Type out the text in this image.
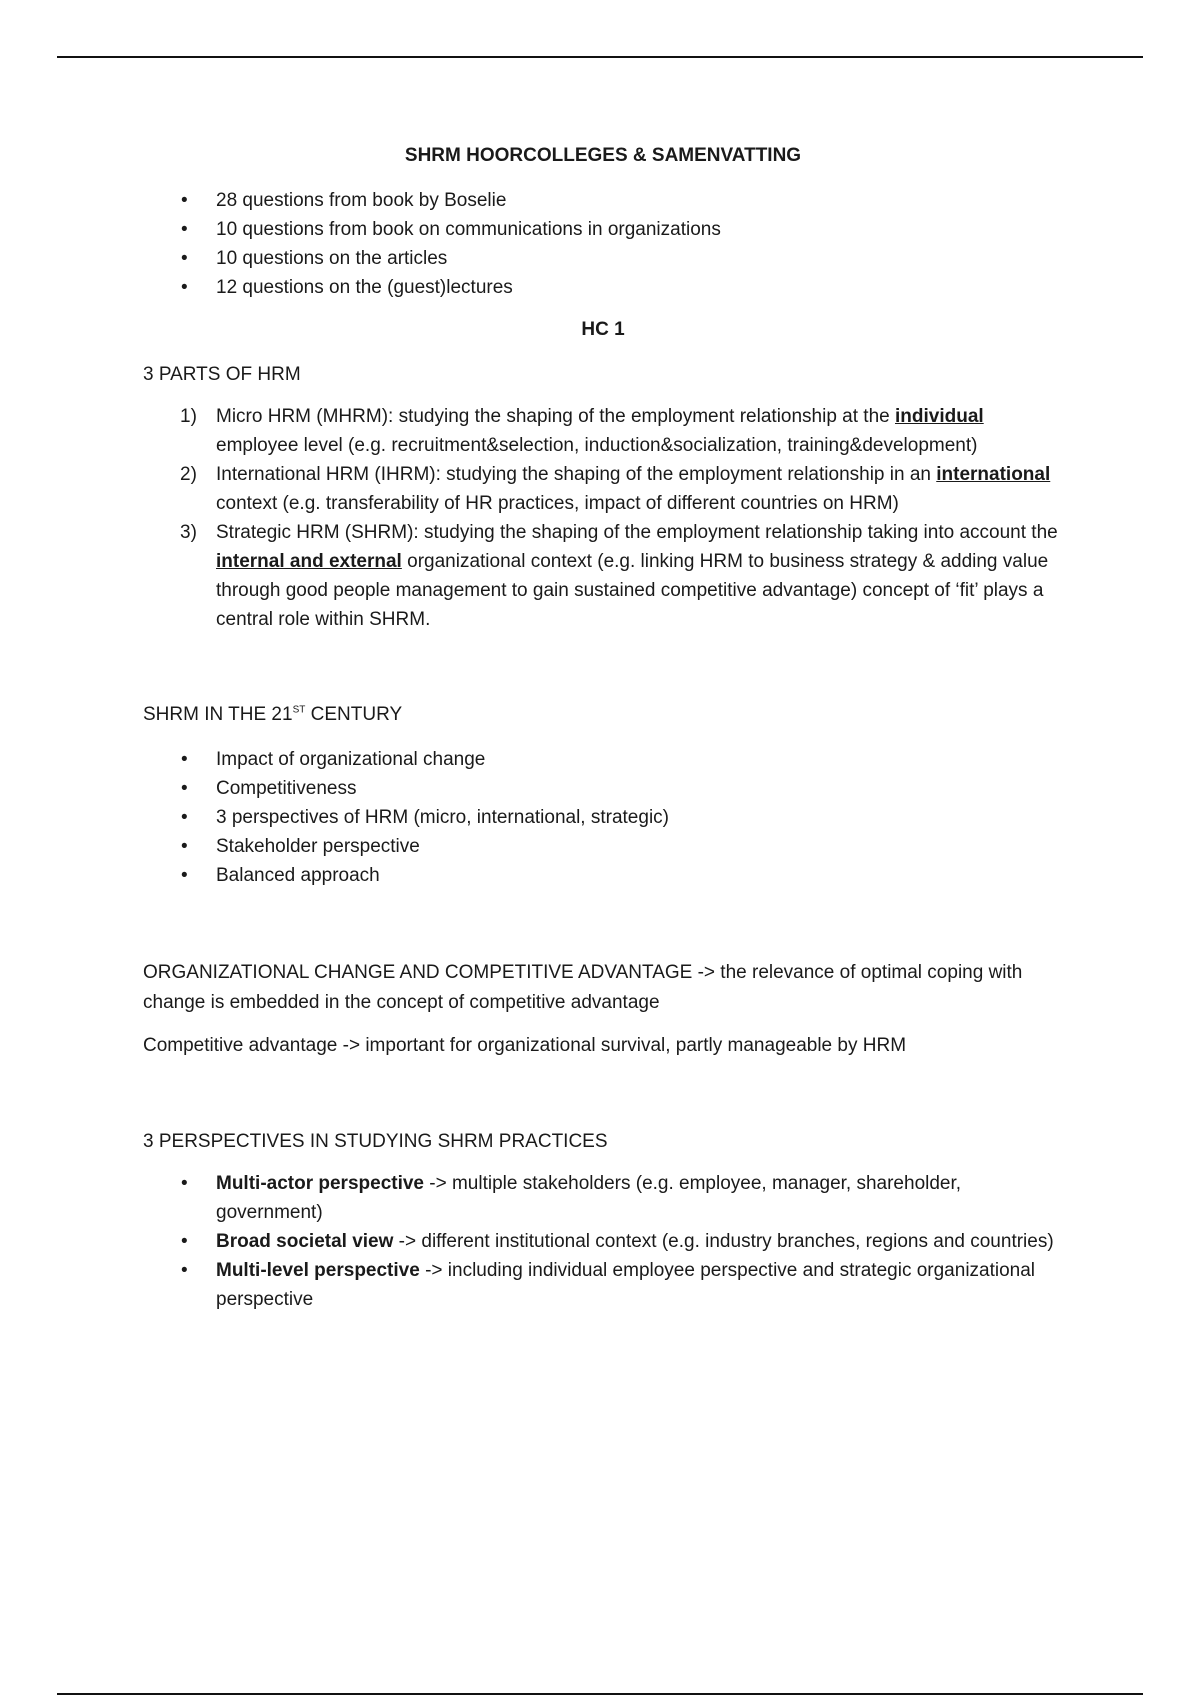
SHRM HOORCOLLEGES & SAMENVATTING
• 28 questions from book by Boselie
• 10 questions from book on communications in organizations
• 10 questions on the articles
• 12 questions on the (guest)lectures
HC 1

3 PARTS OF HRM

1) Micro HRM (MHRM): studying the shaping of the employment relationship at the individual employee level (e.g. recruitment&selection, induction&socialization, training&development)
2) International HRM (IHRM): studying the shaping of the employment relationship in an international context (e.g. transferability of HR practices, impact of different countries on HRM)
3) Strategic HRM (SHRM): studying the shaping of the employment relationship taking into account the internal and external organizational context (e.g. linking HRM to business strategy & adding value through good people management to gain sustained competitive advantage) concept of ‘fit’ plays a central role within SHRM.

SHRM IN THE 21ST CENTURY

• Impact of organizational change
• Competitiveness
• 3 perspectives of HRM (micro, international, strategic)
• Stakeholder perspective
• Balanced approach

ORGANIZATIONAL CHANGE AND COMPETITIVE ADVANTAGE -> the relevance of optimal coping with change is embedded in the concept of competitive advantage

Competitive advantage -> important for organizational survival, partly manageable by HRM

3 PERSPECTIVES IN STUDYING SHRM PRACTICES

• Multi-actor perspective -> multiple stakeholders (e.g. employee, manager, shareholder, government)
• Broad societal view -> different institutional context (e.g. industry branches, regions and countries)
• Multi-level perspective -> including individual employee perspective and strategic organizational perspective
